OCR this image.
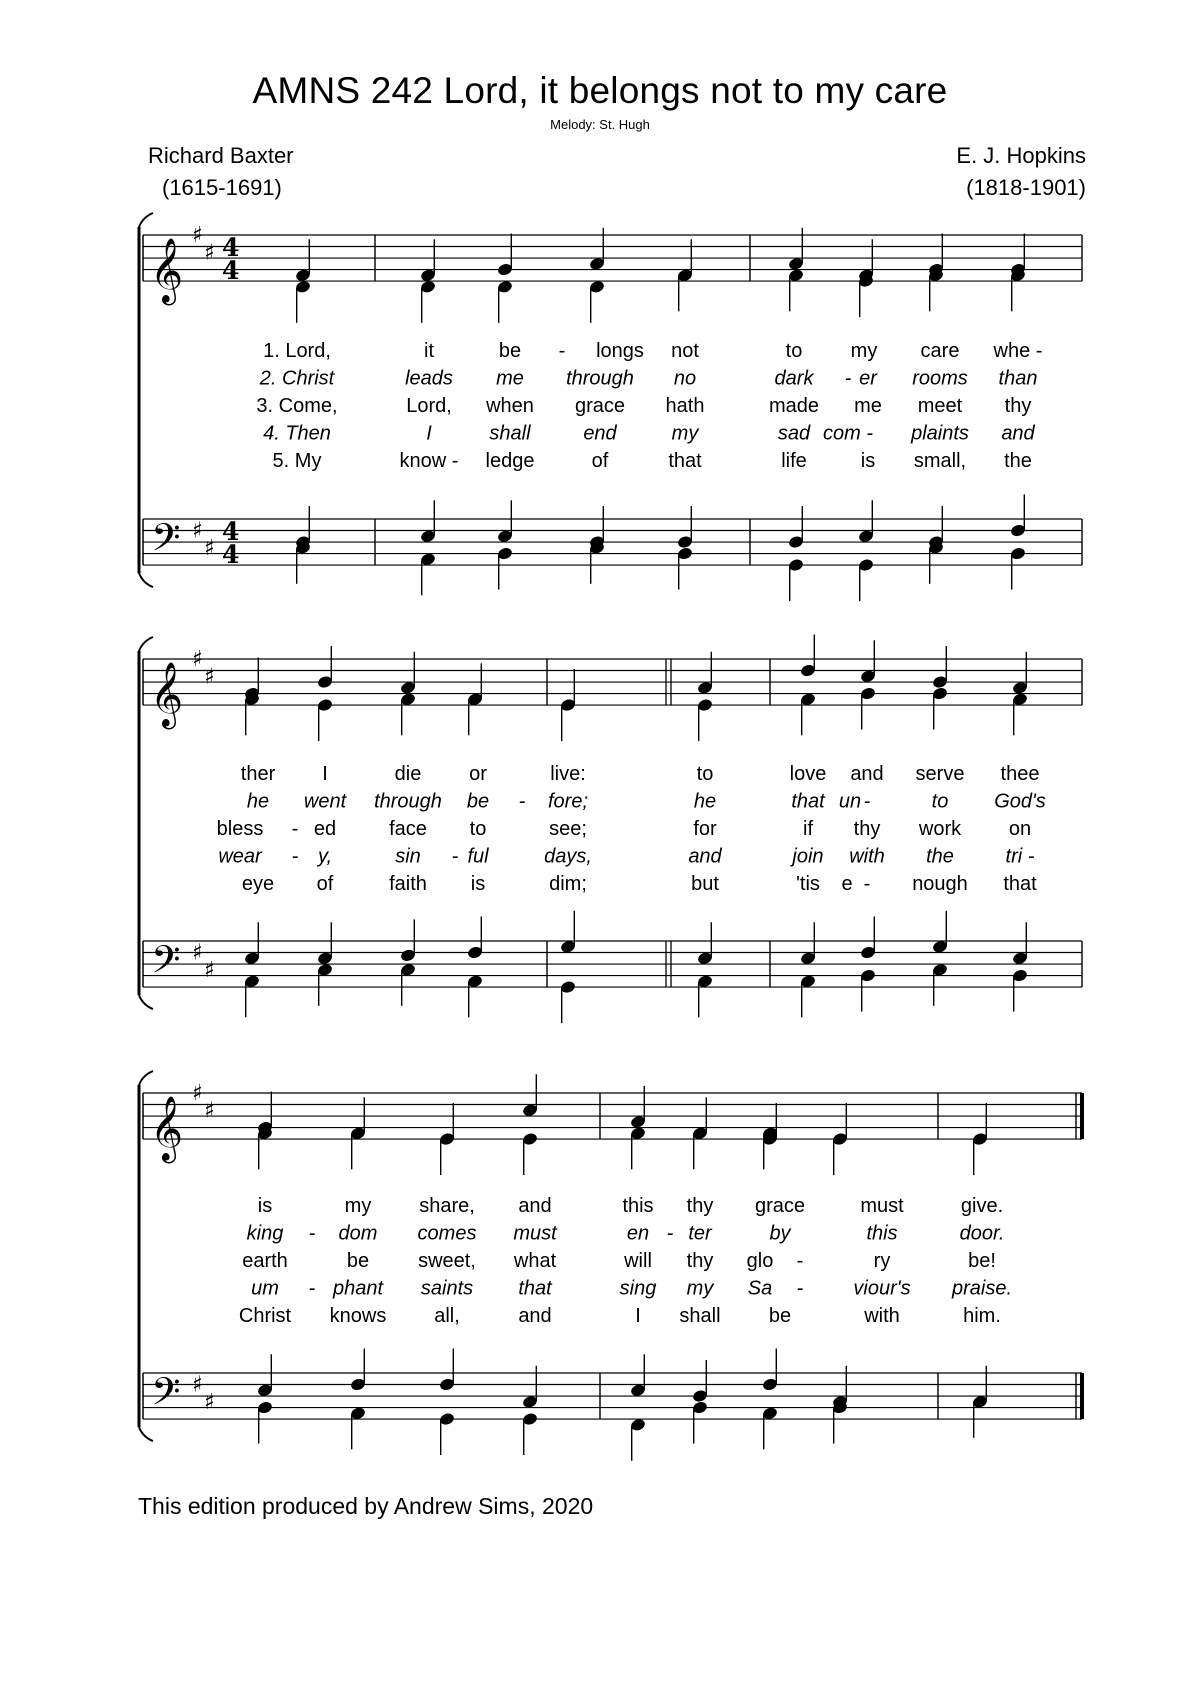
AMNS 242 Lord, it belongs not to my care
Melody: St. Hugh
Richard Baxter
(1615-1691)
E. J. Hopkins
(1818-1901)
𝄞
𝄢
♯
♯
♯
♯
4
4
4
4
1. Lord,	it	be - longs not	to my care whe -
2. Christ	leads me through no	dark - er rooms than
3. Come,	Lord, when grace hath	made me meet thy
4. Then	I	shall	end	my	sad com - plaints and
5. My	know - ledge	of	that	life	is small, the
𝄞
𝄢
♯
♯
♯
♯
ther I	die or	live:	to	love and serve thee
he went through be - fore;	he	that un -	to God's
bless - ed	face to	see;	for	if thy work on
wear - y,	sin - ful	days,	and	join with the	tri -
eye of	faith is	dim;	but	'tis e - nough that
𝄞
𝄢
♯
♯
♯
♯
is	my share, and	this thy grace	must	give.
king - dom comes must	en - ter	by	this	door.
earth	be sweet, what	will thy glo -	ry	be!
um - phant saints that	sing my Sa -	viour's praise.
Christ knows all,	and	I shall be	with	him.
This edition produced by Andrew Sims, 2020
